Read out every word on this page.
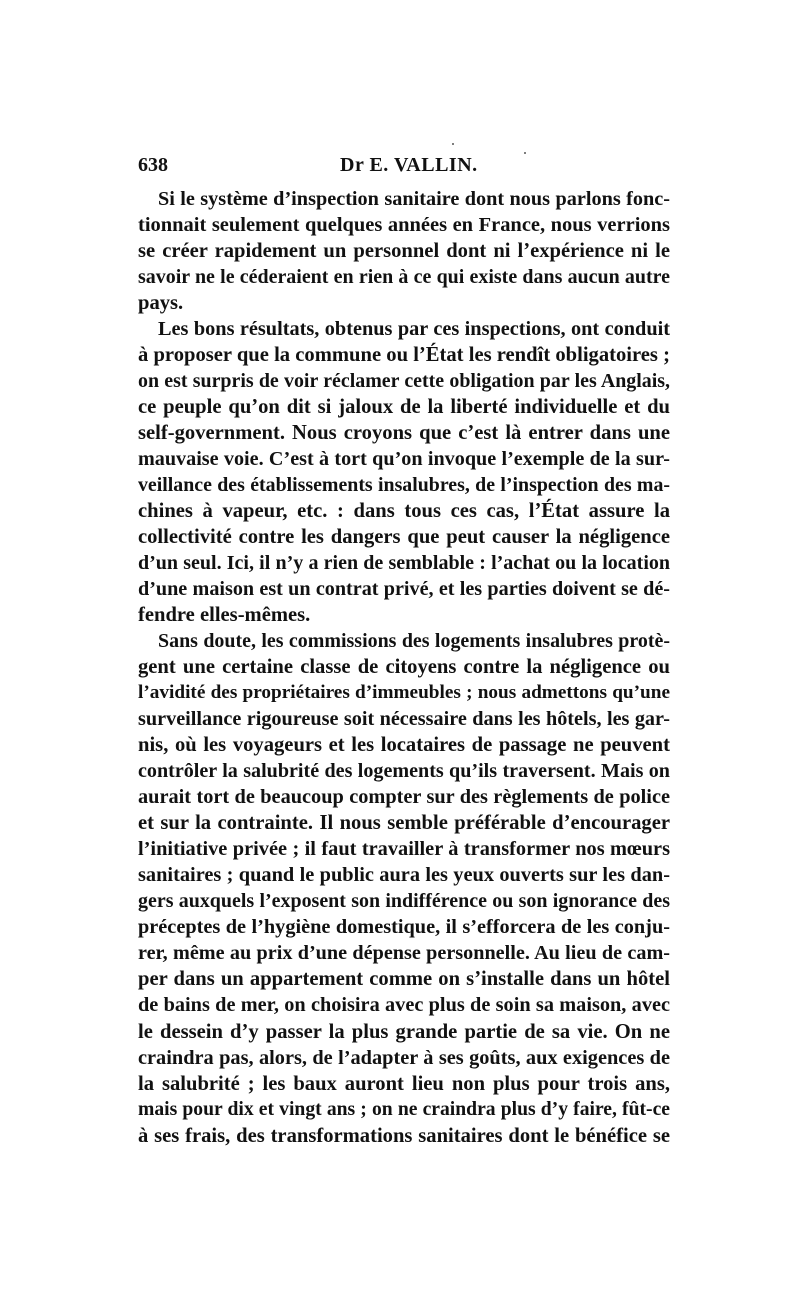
638	Dr E. VALLIN.
Si le système d’inspection sanitaire dont nous parlons fonc-
tionnait seulement quelques années en France, nous verrions
se créer rapidement un personnel dont ni l’expérience ni le
savoir ne le céderaient en rien à ce qui existe dans aucun autre
pays.
Les bons résultats, obtenus par ces inspections, ont conduit
à proposer que la commune ou l’État les rendît obligatoires ;
on est surpris de voir réclamer cette obligation par les Anglais,
ce peuple qu’on dit si jaloux de la liberté individuelle et du
self-government. Nous croyons que c’est là entrer dans une
mauvaise voie. C’est à tort qu’on invoque l’exemple de la sur-
veillance des établissements insalubres, de l’inspection des ma-
chines à vapeur, etc. : dans tous ces cas, l’État assure la
collectivité contre les dangers que peut causer la négligence
d’un seul. Ici, il n’y a rien de semblable : l’achat ou la location
d’une maison est un contrat privé, et les parties doivent se dé-
fendre elles-mêmes.
Sans doute, les commissions des logements insalubres protè-
gent une certaine classe de citoyens contre la négligence ou
l’avidité des propriétaires d’immeubles ; nous admettons qu’une
surveillance rigoureuse soit nécessaire dans les hôtels, les gar-
nis, où les voyageurs et les locataires de passage ne peuvent
contrôler la salubrité des logements qu’ils traversent. Mais on
aurait tort de beaucoup compter sur des règlements de police
et sur la contrainte. Il nous semble préférable d’encourager
l’initiative privée ; il faut travailler à transformer nos mœurs
sanitaires ; quand le public aura les yeux ouverts sur les dan-
gers auxquels l’exposent son indifférence ou son ignorance des
préceptes de l’hygiène domestique, il s’efforcera de les conju-
rer, même au prix d’une dépense personnelle. Au lieu de cam-
per dans un appartement comme on s’installe dans un hôtel
de bains de mer, on choisira avec plus de soin sa maison, avec
le dessein d’y passer la plus grande partie de sa vie. On ne
craindra pas, alors, de l’adapter à ses goûts, aux exigences de
la salubrité ; les baux auront lieu non plus pour trois ans,
mais pour dix et vingt ans ; on ne craindra plus d’y faire, fût-ce
à ses frais, des transformations sanitaires dont le bénéfice se
